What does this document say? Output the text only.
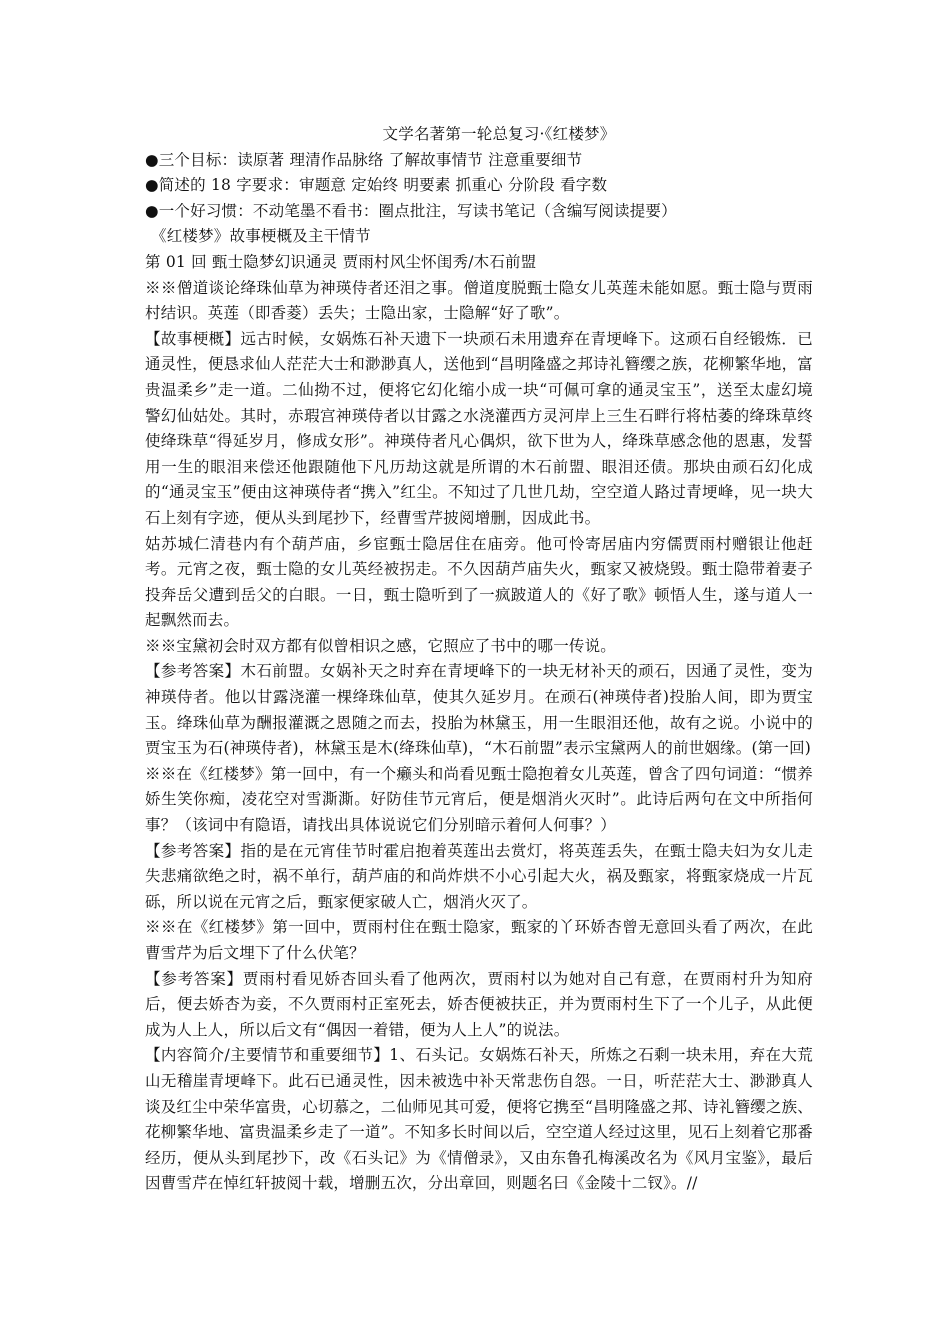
文学名著第一轮总复习·《红楼梦》

●三个目标：读原著 理清作品脉络 了解故事情节 注意重要细节

●简述的 18 字要求：审题意 定始终 明要素 抓重心 分阶段 看字数

●一个好习惯：不动笔墨不看书：圈点批注，写读书笔记（含编写阅读提要）

《红楼梦》故事梗概及主干情节

第 01 回 甄士隐梦幻识通灵 贾雨村风尘怀闺秀/木石前盟

※※僧道谈论绛珠仙草为神瑛侍者还泪之事。僧道度脱甄士隐女儿英莲未能如愿。甄士隐与贾雨村结识。英莲（即香菱）丢失；士隐出家，士隐解“好了歌”。

【故事梗概】远古时候，女娲炼石补天遗下一块顽石未用遗弃在青埂峰下。这顽石自经锻炼．已通灵性，便恳求仙人茫茫大士和渺渺真人，送他到“昌明隆盛之邦诗礼簪缨之族，花柳繁华地，富贵温柔乡”走一道。二仙拗不过，便将它幻化缩小成一块“可佩可拿的通灵宝玉”，送至太虚幻境警幻仙姑处。其时，赤瑕宫神瑛侍者以甘露之水浇灌西方灵河岸上三生石畔行将枯萎的绛珠草终使绛珠草“得延岁月，修成女形”。神瑛侍者凡心偶炽，欲下世为人，绛珠草感念他的恩惠，发誓用一生的眼泪来偿还他跟随他下凡历劫这就是所谓的木石前盟、眼泪还债。那块由顽石幻化成的“通灵宝玉”便由这神瑛侍者“携入”红尘。不知过了几世几劫，空空道人路过青埂峰，见一块大石上刻有字迹，便从头到尾抄下，经曹雪芹披阅增删，因成此书。

姑苏城仁清巷内有个葫芦庙，乡宦甄士隐居住在庙旁。他可怜寄居庙内穷儒贾雨村赠银让他赶考。元宵之夜，甄士隐的女儿英经被拐走。不久因葫芦庙失火，甄家又被烧毁。甄士隐带着妻子投奔岳父遭到岳父的白眼。一日，甄士隐听到了一疯跛道人的《好了歌》顿悟人生，遂与道人一起飘然而去。

※※宝黛初会时双方都有似曾相识之感，它照应了书中的哪一传说。

【参考答案】木石前盟。女娲补天之时弃在青埂峰下的一块无材补天的顽石，因通了灵性，变为神瑛侍者。他以甘露浇灌一棵绛珠仙草，使其久延岁月。在顽石(神瑛侍者)投胎人间，即为贾宝玉。绛珠仙草为酬报灌溉之恩随之而去，投胎为林黛玉，用一生眼泪还他，故有之说。小说中的贾宝玉为石(神瑛侍者)，林黛玉是木(绛珠仙草)，“木石前盟”表示宝黛两人的前世姻缘。(第一回)

※※在《红楼梦》第一回中，有一个癞头和尚看见甄士隐抱着女儿英莲，曾含了四句词道：“惯养娇生笑你痴，凌花空对雪澌澌。好防佳节元宵后，便是烟消火灭时”。此诗后两句在文中所指何事？（该词中有隐语，请找出具体说说它们分别暗示着何人何事？）

【参考答案】指的是在元宵佳节时霍启抱着英莲出去赏灯，将英莲丢失，在甄士隐夫妇为女儿走失悲痛欲绝之时，祸不单行，葫芦庙的和尚炸烘不小心引起大火，祸及甄家，将甄家烧成一片瓦砾，所以说在元宵之后，甄家便家破人亡，烟消火灭了。

※※在《红楼梦》第一回中，贾雨村住在甄士隐家，甄家的丫环娇杏曾无意回头看了两次，在此曹雪芹为后文埋下了什么伏笔？

【参考答案】贾雨村看见娇杏回头看了他两次，贾雨村以为她对自己有意，在贾雨村升为知府后，便去娇杏为妾，不久贾雨村正室死去，娇杏便被扶正，并为贾雨村生下了一个儿子，从此便成为人上人，所以后文有“偶因一着错，便为人上人”的说法。

【内容简介/主要情节和重要细节】1、石头记。女娲炼石补天，所炼之石剩一块未用，弃在大荒山无稽崖青埂峰下。此石已通灵性，因未被选中补天常悲伤自怨。一日，听茫茫大士、渺渺真人谈及红尘中荣华富贵，心切慕之，二仙师见其可爱，便将它携至“昌明隆盛之邦、诗礼簪缨之族、花柳繁华地、富贵温柔乡走了一道”。不知多长时间以后，空空道人经过这里，见石上刻着它那番经历，便从头到尾抄下，改《石头记》为《情僧录》，又由东鲁孔梅溪改名为《风月宝鉴》，最后因曹雪芹在悼红轩披阅十载，增删五次，分出章回，则题名曰《金陵十二钗》。//
